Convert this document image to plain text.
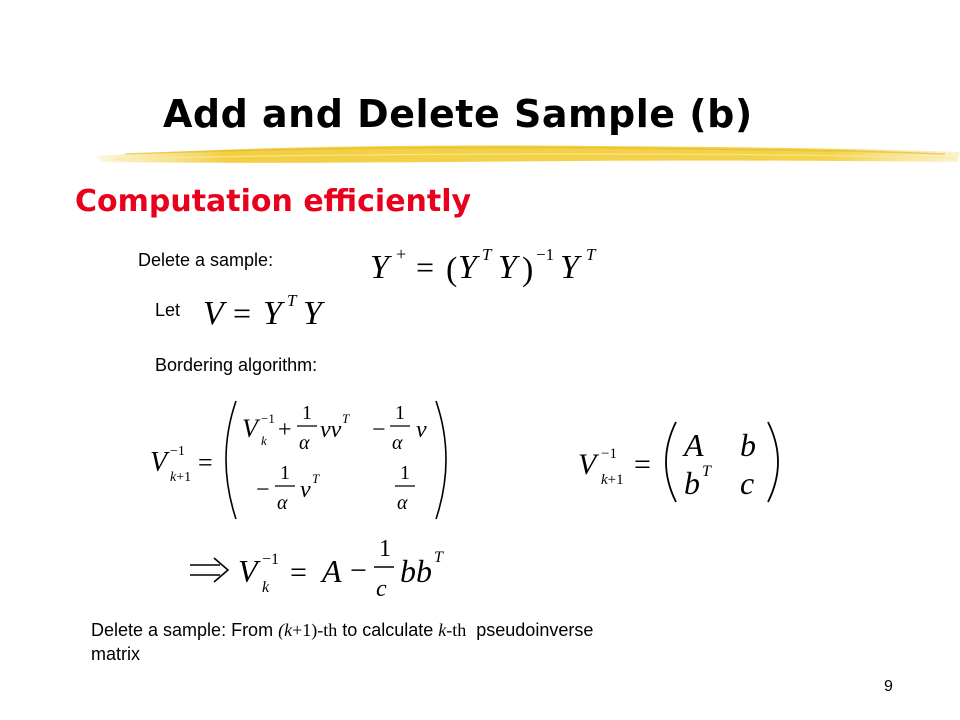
Add and Delete Sample (b)
Computation efficiently
Delete a sample:	Y + = ( Y T Y ) −1 Y T
Let V = Y T Y
Bordering algorithm:
V −1
k+1
=
V −1
k +
1
α vv T −
1
α v
−
1
α v T	1
α
V −1
k+1 =
A b
b T c
V −1
k = A −
1
c bb T
Delete a sample: From (k+1)-th to calculate k-th  pseudoinverse
matrix
9
